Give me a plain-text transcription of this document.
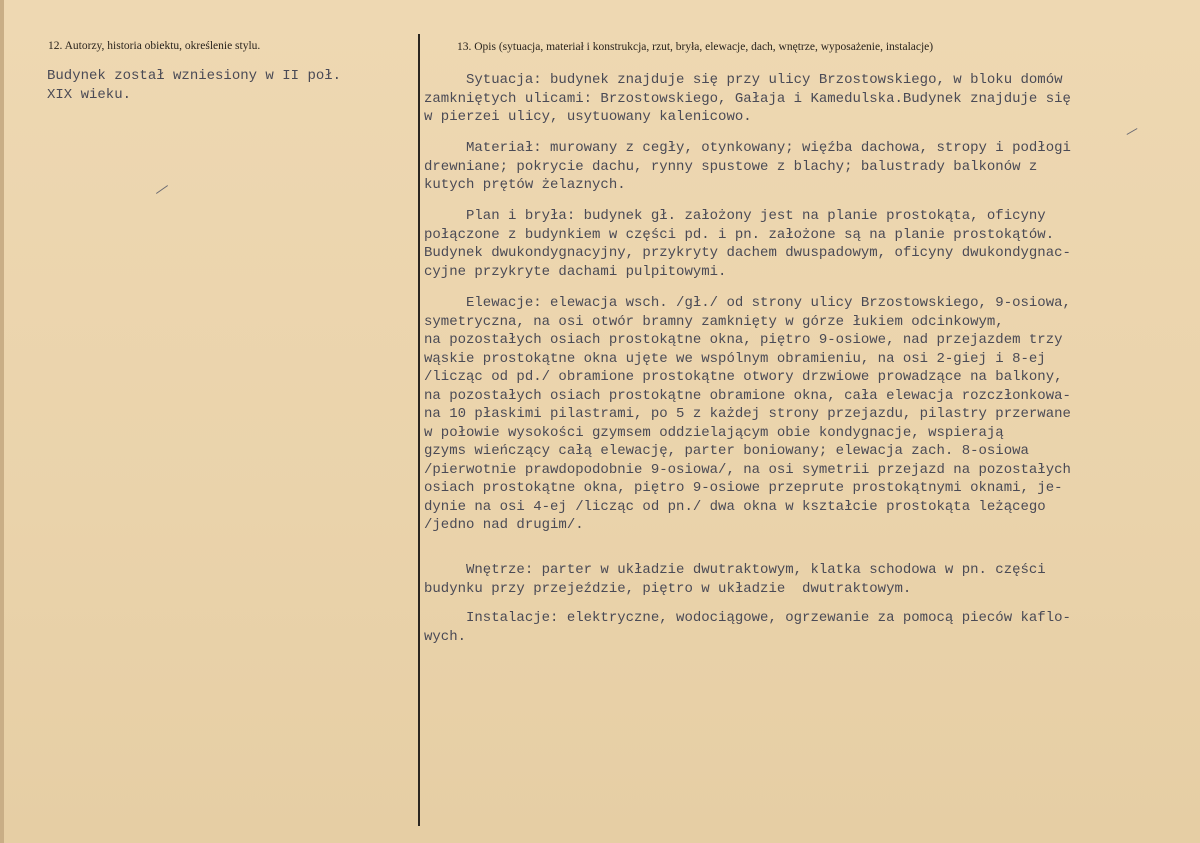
12. Autorzy, historia obiektu, określenie stylu.	13. Opis (sytuacja, materiał i konstrukcja, rzut, bryła, elewacje, dach, wnętrze, wyposażenie, instalacje)
Budynek został wzniesiony w II poł.
XIX wieku.
Sytuacja: budynek znajduje się przy ulicy Brzostowskiego, w bloku domów
zamkniętych ulicami: Brzostowskiego, Gałaja i Kamedulska.Budynek znajduje się
w pierzei ulicy, usytuowany kalenicowo.
Materiał: murowany z cegły, otynkowany; więźba dachowa, stropy i podłogi
drewniane; pokrycie dachu, rynny spustowe z blachy; balustrady balkonów z
kutych prętów żelaznych.
Plan i bryła: budynek gł. założony jest na planie prostokąta, oficyny
połączone z budynkiem w części pd. i pn. założone są na planie prostokątów.
Budynek dwukondygnacyjny, przykryty dachem dwuspadowym, oficyny dwukondygnac-
cyjne przykryte dachami pulpitowymi.
Elewacje: elewacja wsch. /gł./ od strony ulicy Brzostowskiego, 9-osiowa,
symetryczna, na osi otwór bramny zamknięty w górze łukiem odcinkowym,
na pozostałych osiach prostokątne okna, piętro 9-osiowe, nad przejazdem trzy
wąskie prostokątne okna ujęte we wspólnym obramieniu, na osi 2-giej i 8-ej
/licząc od pd./ obramione prostokątne otwory drzwiowe prowadzące na balkony,
na pozostałych osiach prostokątne obramione okna, cała elewacja rozczłonkowa-
na 10 płaskimi pilastrami, po 5 z każdej strony przejazdu, pilastry przerwane
w połowie wysokości gzymsem oddzielającym obie kondygnacje, wspierają
gzyms wieńczący całą elewację, parter boniowany; elewacja zach. 8-osiowa
/pierwotnie prawdopodobnie 9-osiowa/, na osi symetrii przejazd na pozostałych
osiach prostokątne okna, piętro 9-osiowe przeprute prostokątnymi oknami, je-
dynie na osi 4-ej /licząc od pn./ dwa okna w kształcie prostokąta leżącego
/jedno nad drugim/.
Wnętrze: parter w układzie dwutraktowym, klatka schodowa w pn. części
budynku przy przejeździe, piętro w układzie  dwutraktowym.
Instalacje: elektryczne, wodociągowe, ogrzewanie za pomocą pieców kaflo-
wych.
